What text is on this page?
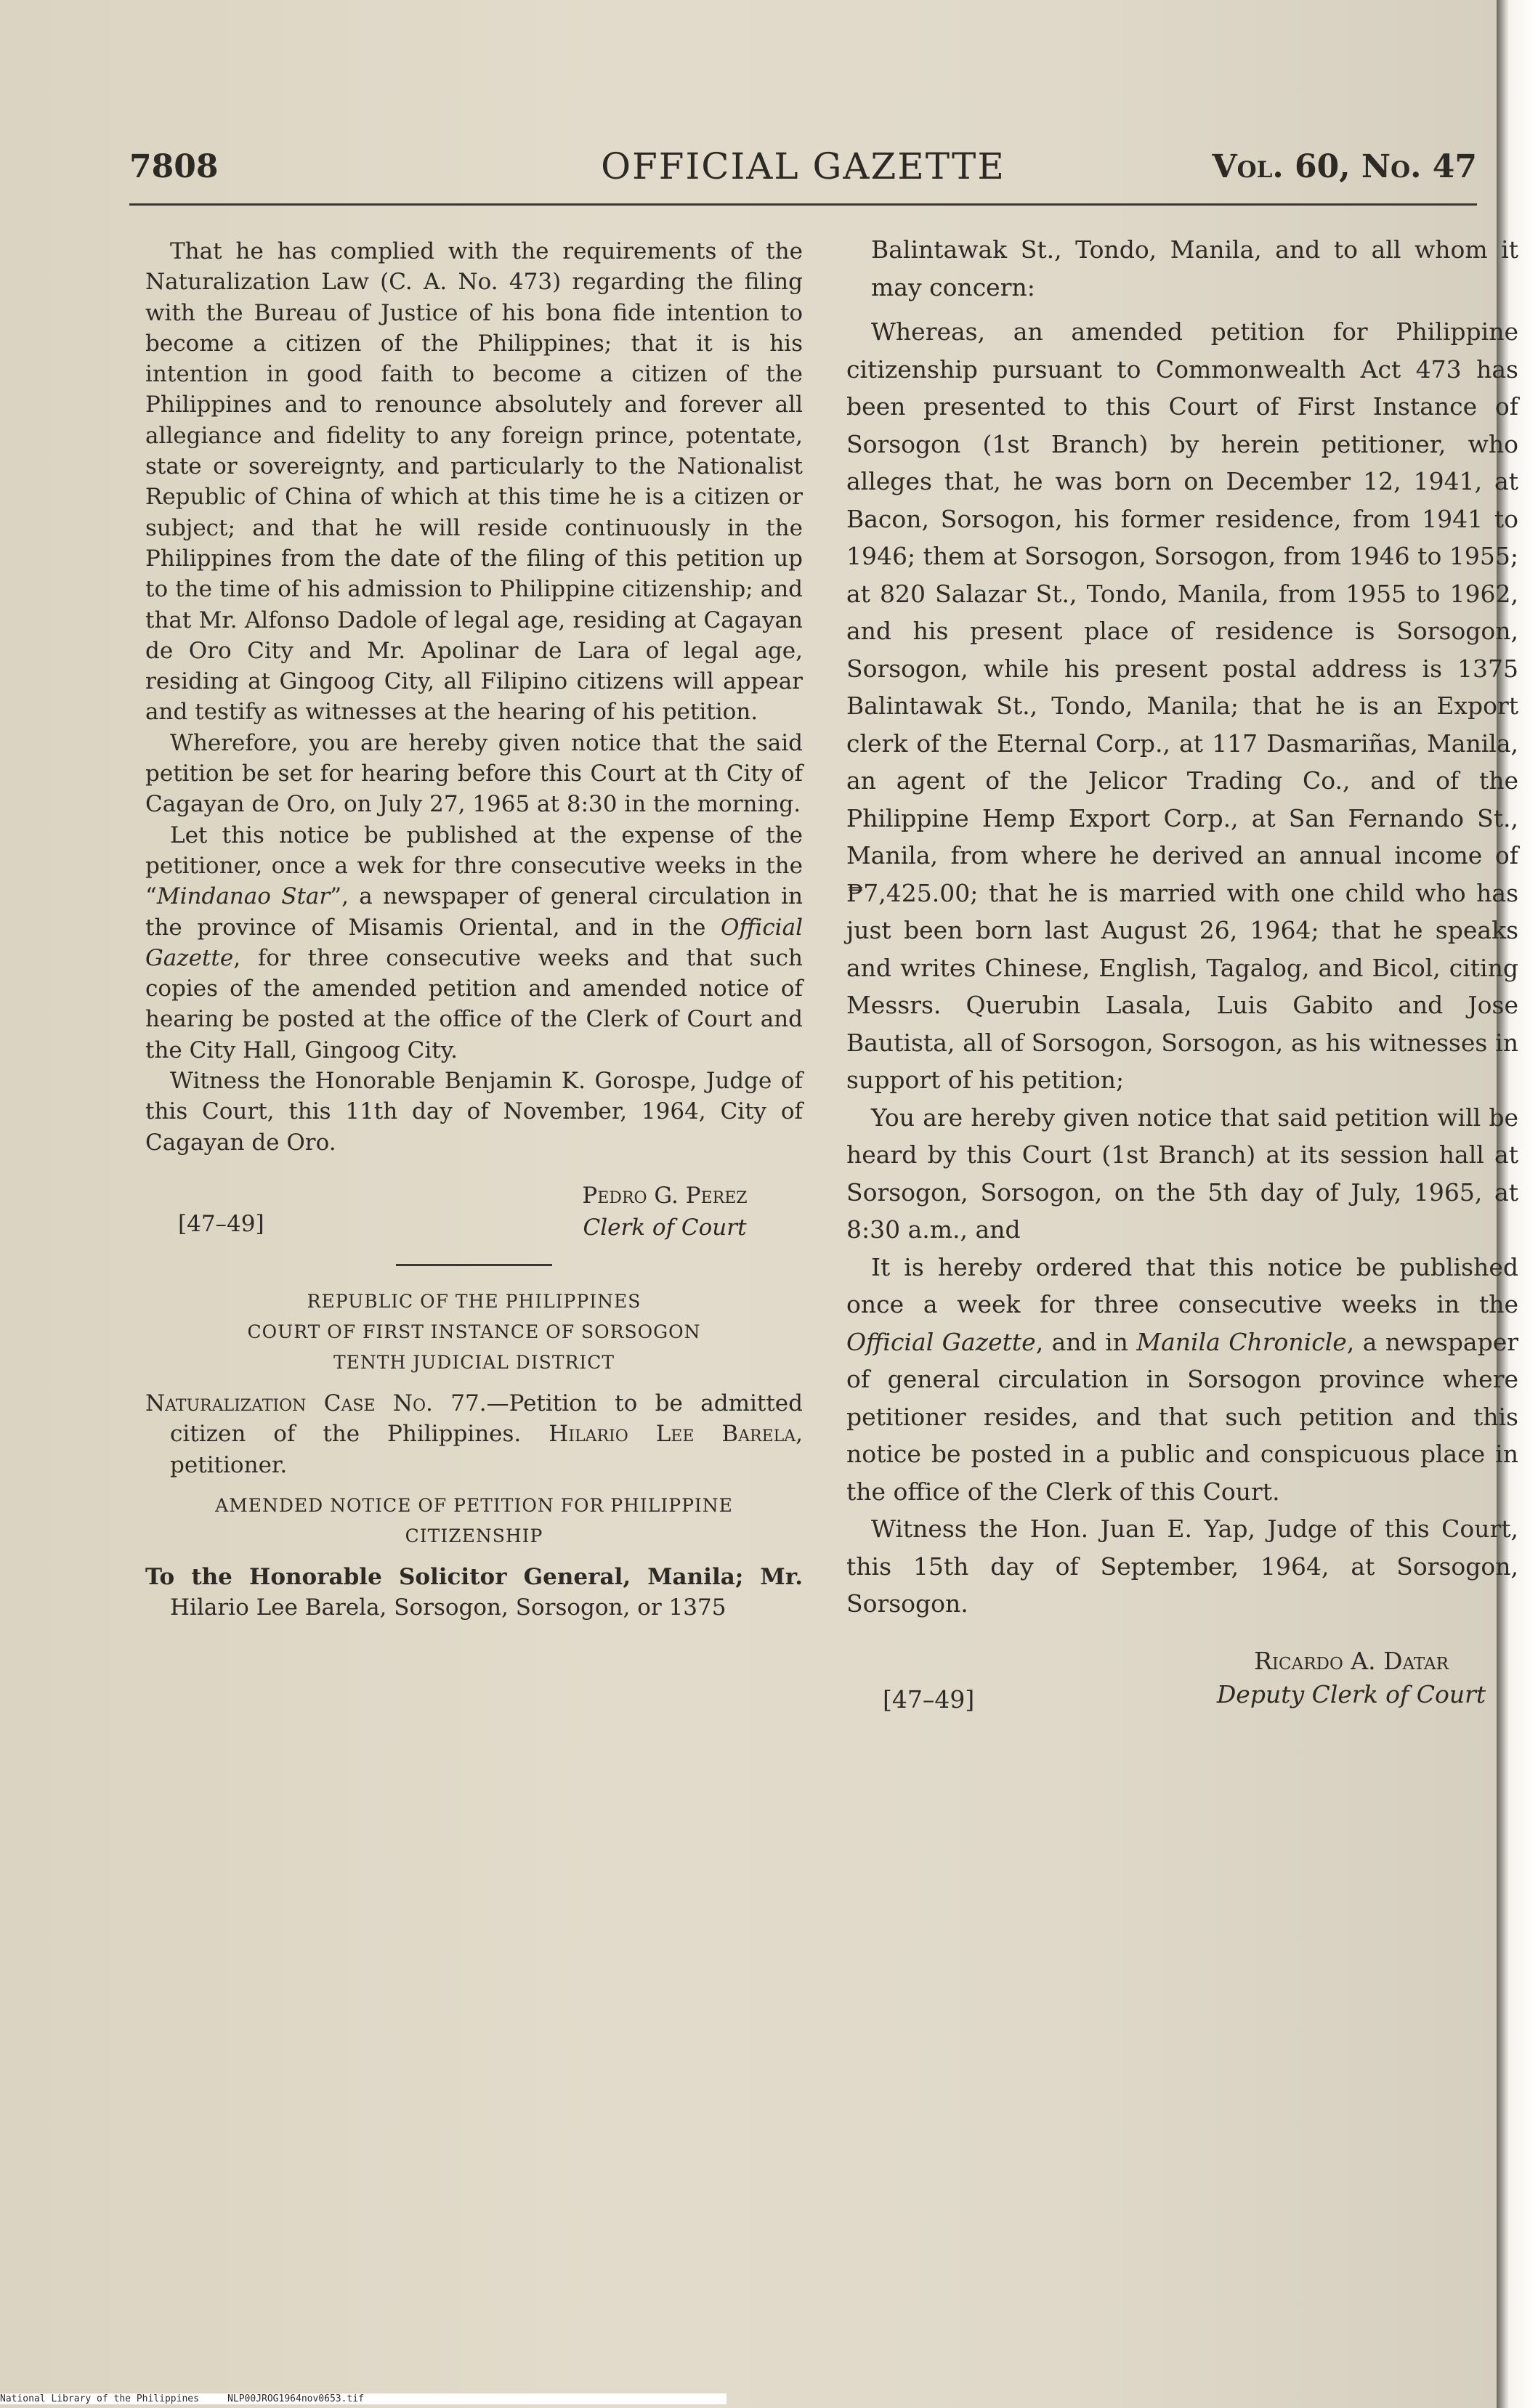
7808	OFFICIAL GAZETTE	Vol. 60, No. 47

That he has complied with the requirements of the Naturalization Law (C. A. No. 473) regarding the filing with the Bureau of Justice of his bona fide intention to become a citizen of the Philippines; that it is his intention in good faith to become a citizen of the Philippines and to renounce absolutely and forever all allegiance and fidelity to any foreign prince, potentate, state or sovereignty, and particularly to the Nationalist Republic of China of which at this time he is a citizen or subject; and that he will reside continuously in the Philippines from the date of the filing of this petition up to the time of his admission to Philippine citizenship; and that Mr. Alfonso Dadole of legal age, residing at Cagayan de Oro City and Mr. Apolinar de Lara of legal age, residing at Gingoog City, all Filipino citizens will appear and testify as witnesses at the hearing of his petition.

Wherefore, you are hereby given notice that the said petition be set for hearing before this Court at th City of Cagayan de Oro, on July 27, 1965 at 8:30 in the morning.

Let this notice be published at the expense of the petitioner, once a wek for thre consecutive weeks in the “Mindanao Star”, a newspaper of general circulation in the province of Misamis Oriental, and in the Official Gazette, for three consecutive weeks and that such copies of the amended petition and amended notice of hearing be posted at the office of the Clerk of Court and the City Hall, Gingoog City.

Witness the Honorable Benjamin K. Gorospe, Judge of this Court, this 11th day of November, 1964, City of Cagayan de Oro.

[47–49]
Pedro G. Perez
Clerk of Court
REPUBLIC OF THE PHILIPPINES
COURT OF FIRST INSTANCE OF SORSOGON
TENTH JUDICIAL DISTRICT

Naturalization Case No. 77.—Petition to be admitted citizen of the Philippines. Hilario Lee Barela, petitioner.

AMENDED NOTICE OF PETITION FOR PHILIPPINE CITIZENSHIP

To the Honorable Solicitor General, Manila; Mr. Hilario Lee Barela, Sorsogon, Sorsogon, or 1375

Balintawak St., Tondo, Manila, and to all whom it may concern:

Whereas, an amended petition for Philippine citizenship pursuant to Commonwealth Act 473 has been presented to this Court of First Instance of Sorsogon (1st Branch) by herein petitioner, who alleges that, he was born on December 12, 1941, at Bacon, Sorsogon, his former residence, from 1941 to 1946; them at Sorsogon, Sorsogon, from 1946 to 1955; at 820 Salazar St., Tondo, Manila, from 1955 to 1962, and his present place of residence is Sorsogon, Sorsogon, while his present postal address is 1375 Balintawak St., Tondo, Manila; that he is an Export clerk of the Eternal Corp., at 117 Dasmariñas, Manila, an agent of the Jelicor Trading Co., and of the Philippine Hemp Export Corp., at San Fernando St., Manila, from where he derived an annual income of ₱7,425.00; that he is married with one child who has just been born last August 26, 1964; that he speaks and writes Chinese, English, Tagalog, and Bicol, citing Messrs. Querubin Lasala, Luis Gabito and Jose Bautista, all of Sorsogon, Sorsogon, as his witnesses in support of his petition;

You are hereby given notice that said petition will be heard by this Court (1st Branch) at its session hall at Sorsogon, Sorsogon, on the 5th day of July, 1965, at 8:30 a.m., and

It is hereby ordered that this notice be published once a week for three consecutive weeks in the Official Gazette, and in Manila Chronicle, a newspaper of general circulation in Sorsogon province where petitioner resides, and that such petition and this notice be posted in a public and conspicuous place in the office of the Clerk of this Court.

Witness the Hon. Juan E. Yap, Judge of this Court, this 15th day of September, 1964, at Sorsogon, Sorsogon.

[47–49]
Ricardo A. Datar
Deputy Clerk of Court
National Library of the Philippines     NLP00JROG1964nov0653.tif
